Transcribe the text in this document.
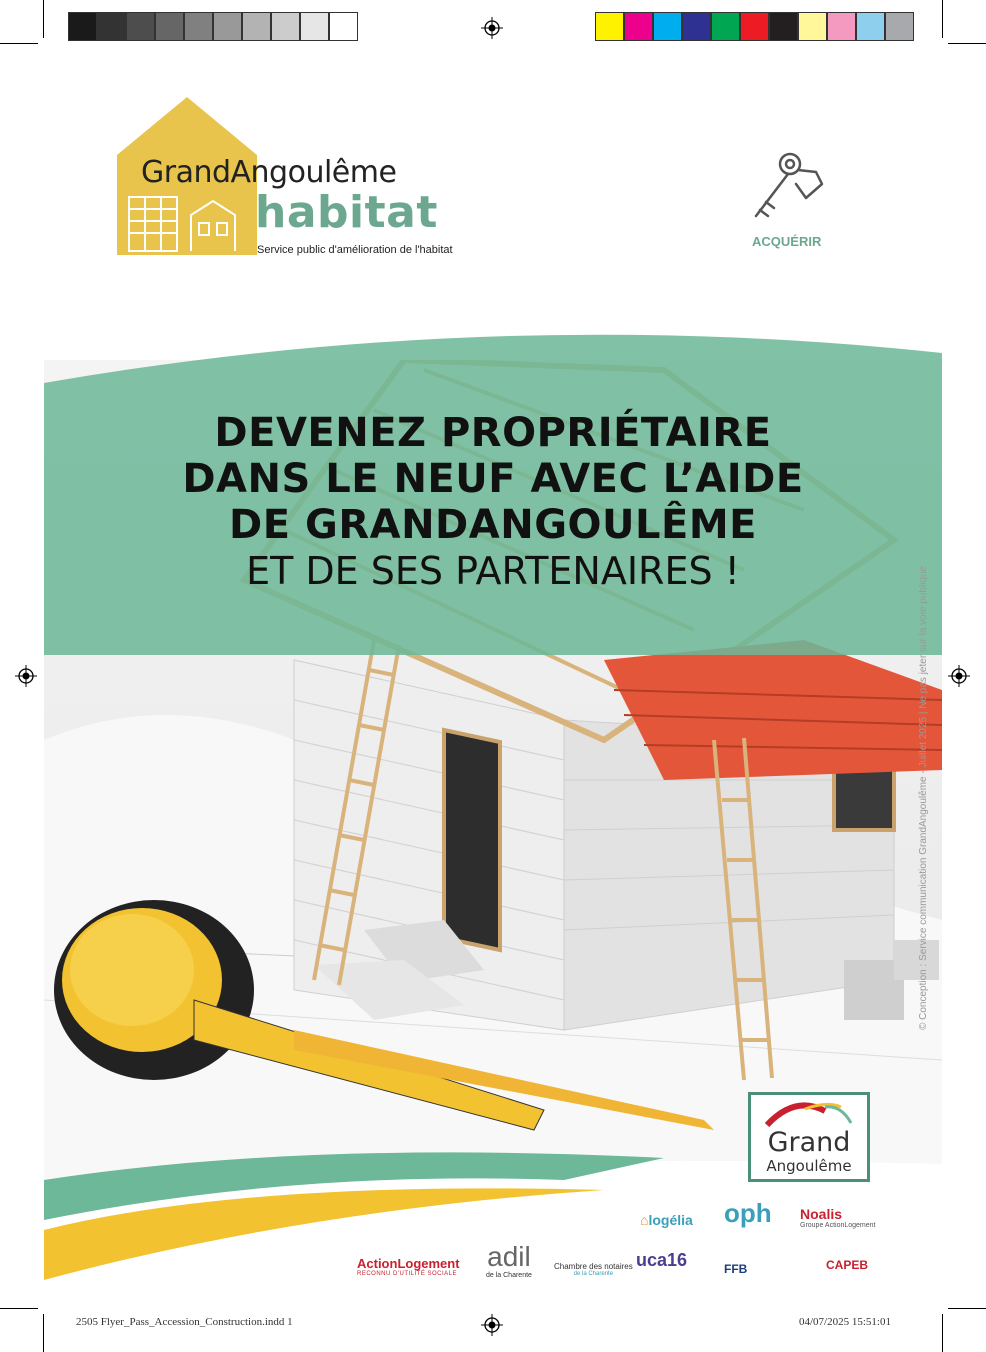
GrandAngoulême
habitat
Service public d'amélioration de l'habitat
ACQUÉRIR
DEVENEZ PROPRIÉTAIRE
DANS LE NEUF AVEC L’AIDE
DE GRANDANGOULÊME
ET DE SES PARTENAIRES !	© Conception : Service communication GrandAngoulême - Juillet 2025 | Ne pas jeter sur la voie publique
Grand
Angoulême
⌂logélia oph Noalis
Groupe ActionLogement
ActionLogement
RECONNU D'UTILITÉ SOCIALE
adil
de la Charente
Chambre des notaires
de la Charente
uca16	FFB	CAPEB
2505 Flyer_Pass_Accession_Construction.indd 1	04/07/2025 15:51:01
